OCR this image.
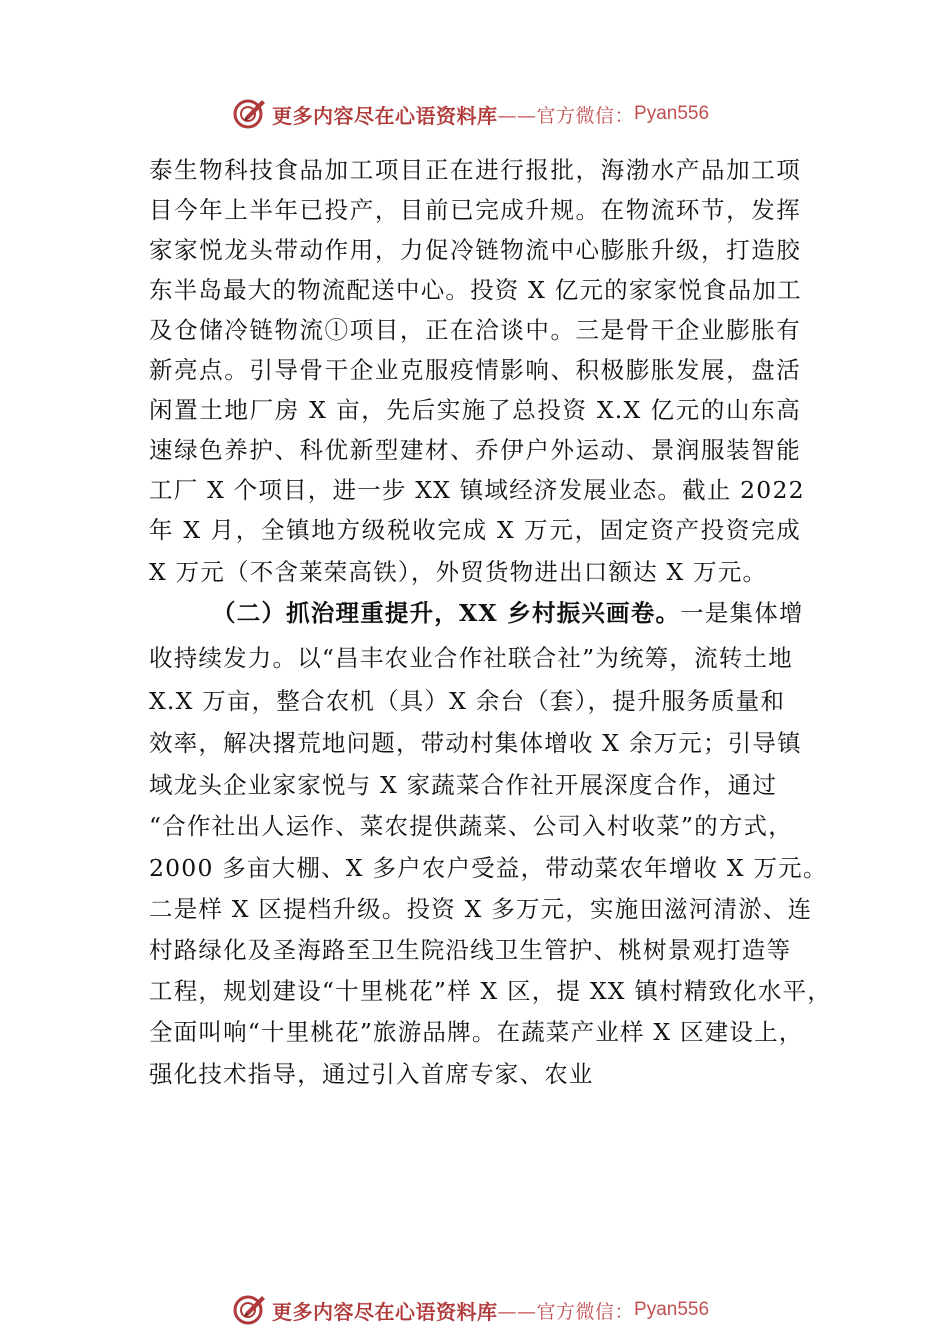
更多内容尽在心语资料库 ——官方微信： Pyan556
泰生物科技食品加工项目正在进行报批，海渤水产品加工项
目今年上半年已投产，目前已完成升规。在物流环节，发挥
家家悦龙头带动作用，力促冷链物流中心膨胀升级，打造胶
东半岛最大的物流配送中心。投资 X 亿元的家家悦食品加工
及仓储冷链物流ⓛ项目，正在洽谈中。三是骨干企业膨胀有
新亮点。引导骨干企业克服疫情影响、积极膨胀发展，盘活
闲置土地厂房 X 亩，先后实施了总投资 X.X 亿元的山东高
速绿色养护、科优新型建材、乔伊户外运动、景润服装智能
工厂 X 个项目，进一步 XX 镇域经济发展业态。截止 2022
年 X 月，全镇地方级税收完成 X 万元，固定资产投资完成
X 万元（不含莱荣高铁），外贸货物进出口额达 X 万元。
（二）抓治理重提升，XX 乡村振兴画卷。一是集体增
收持续发力。以“昌丰农业合作社联合社”为统筹，流转土地
X.X 万亩，整合农机（具）X 余台（套），提升服务质量和
效率，解决撂荒地问题，带动村集体增收 X 余万元；引导镇
域龙头企业家家悦与 X 家蔬菜合作社开展深度合作，通过
“合作社出人运作、菜农提供蔬菜、公司入村收菜”的方式，
2000 多亩大棚、X 多户农户受益，带动菜农年增收 X 万元。
二是样 X 区提档升级。投资 X 多万元，实施田滋河清淤、连
村路绿化及圣海路至卫生院沿线卫生管护、桃树景观打造等
工程，规划建设“十里桃花”样 X 区，提 XX 镇村精致化水平，
全面叫响“十里桃花”旅游品牌。在蔬菜产业样 X 区建设上，
强化技术指导，通过引入首席专家、农业
更多内容尽在心语资料库 ——官方微信： Pyan556
